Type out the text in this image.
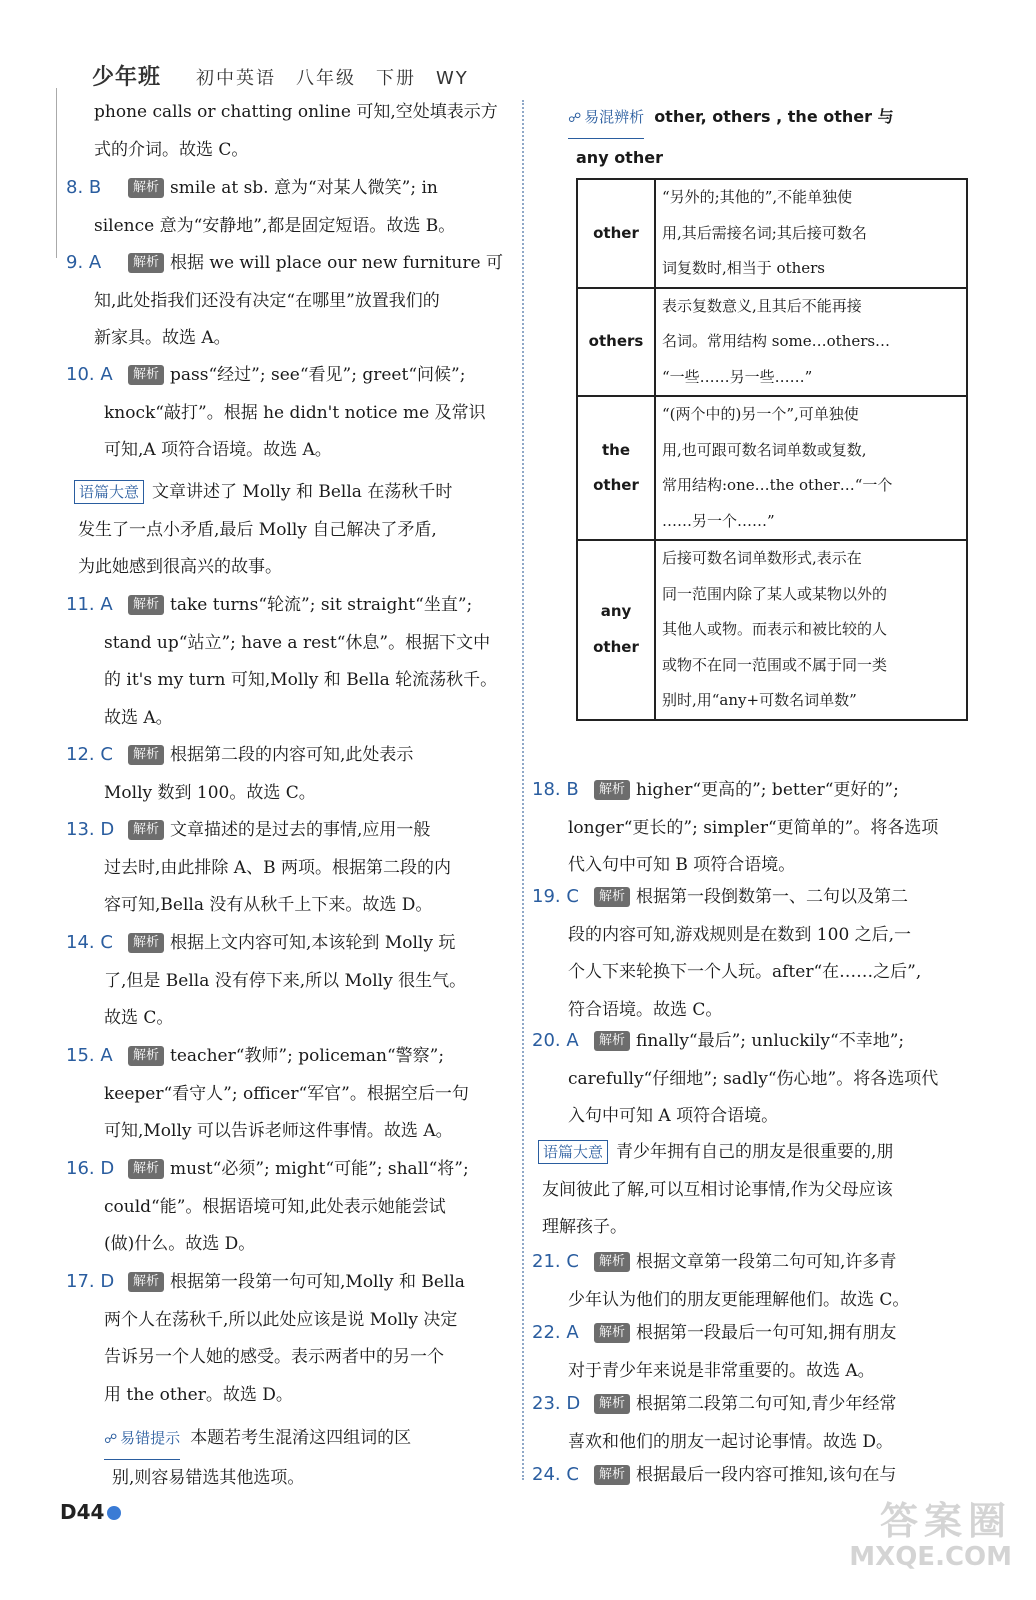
少年班 初中英语　八年级　下册　WY

phone calls or chatting online 可知,空处填表示方

式的介词。故选 C。

8. B 解析 smile at sb. 意为“对某人微笑”; in

silence 意为“安静地”,都是固定短语。故选 B。

9. A 解析 根据 we will place our new furniture 可

知,此处指我们还没有决定“在哪里”放置我们的

新家具。故选 A。

10. A 解析 pass“经过”; see“看见”; greet“问候”;

knock“敲打”。根据 he didn't notice me 及常识

可知,A 项符合语境。故选 A。

语篇大意 文章讲述了 Molly 和 Bella 在荡秋千时

发生了一点小矛盾,最后 Molly 自己解决了矛盾,

为此她感到很高兴的故事。

11. A 解析 take turns“轮流”; sit straight“坐直”;

stand up“站立”; have a rest“休息”。根据下文中

的 it's my turn 可知,Molly 和 Bella 轮流荡秋千。

故选 A。

12. C 解析 根据第二段的内容可知,此处表示

Molly 数到 100。故选 C。

13. D 解析 文章描述的是过去的事情,应用一般

过去时,由此排除 A、B 两项。根据第二段的内

容可知,Bella 没有从秋千上下来。故选 D。

14. C 解析 根据上文内容可知,本该轮到 Molly 玩

了,但是 Bella 没有停下来,所以 Molly 很生气。

故选 C。

15. A 解析 teacher“教师”; policeman“警察”;

keeper“看守人”; officer“军官”。根据空后一句

可知,Molly 可以告诉老师这件事情。故选 A。

16. D 解析 must“必须”; might“可能”; shall“将”;

could“能”。根据语境可知,此处表示她能尝试

(做)什么。故选 D。

17. D 解析 根据第一段第一句可知,Molly 和 Bella

两个人在荡秋千,所以此处应该是说 Molly 决定

告诉另一个人她的感受。表示两者中的另一个

用 the other。故选 D。

☍ 易错提示 本题若考生混淆这四组词的区

别,则容易错选其他选项。

☍ 易混辨析 other, others , the other 与

any other

other	“另外的;其他的”,不能单独使
用,其后需接名词;其后接可数名
词复数时,相当于 others

others	表示复数意义,且其后不能再接
名词。常用结构 some…others…
“一些……另一些……”

the other	“(两个中的)另一个”,可单独使
用,也可跟可数名词单数或复数,
常用结构:one…the other…“一个
……另一个……”

any other	后接可数名词单数形式,表示在
同一范围内除了某人或某物以外的
其他人或物。而表示和被比较的人
或物不在同一范围或不属于同一类
别时,用“any+可数名词单数”

18. B 解析 higher“更高的”; better“更好的”;

longer“更长的”; simpler“更简单的”。将各选项

代入句中可知 B 项符合语境。

19. C 解析 根据第一段倒数第一、二句以及第二

段的内容可知,游戏规则是在数到 100 之后,一

个人下来轮换下一个人玩。after“在……之后”,

符合语境。故选 C。

20. A 解析 finally“最后”; unluckily“不幸地”;

carefully“仔细地”; sadly“伤心地”。将各选项代

入句中可知 A 项符合语境。

语篇大意 青少年拥有自己的朋友是很重要的,朋

友间彼此了解,可以互相讨论事情,作为父母应该

理解孩子。

21. C 解析 根据文章第一段第二句可知,许多青

少年认为他们的朋友更能理解他们。故选 C。

22. A 解析 根据第一段最后一句可知,拥有朋友

对于青少年来说是非常重要的。故选 A。

23. D 解析 根据第二段第二句可知,青少年经常

喜欢和他们的朋友一起讨论事情。故选 D。

24. C 解析 根据最后一段内容可推知,该句在与

D44	答案圈
MXQE.COM
